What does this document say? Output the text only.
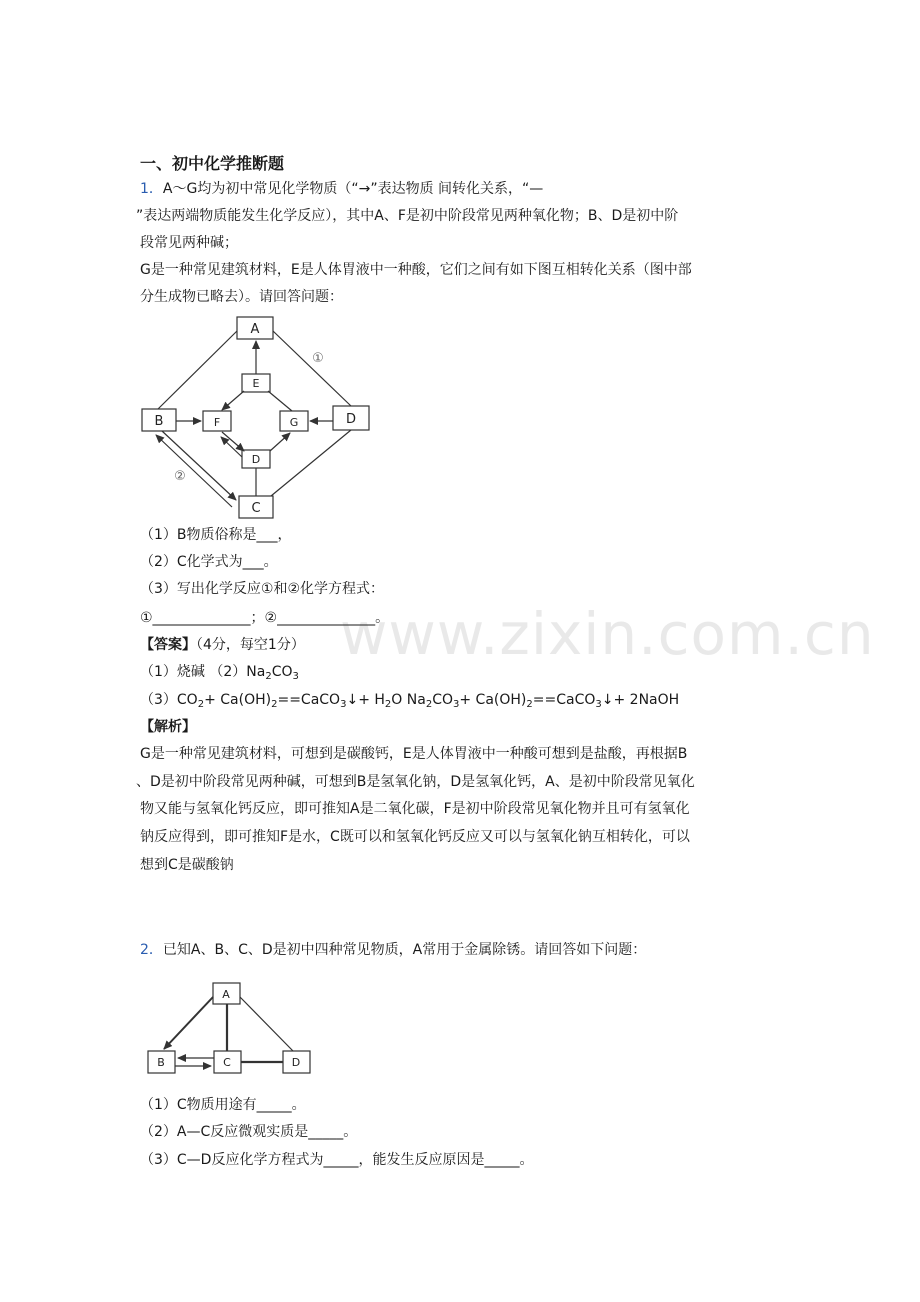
www.zixin.com.cn
一、初中化学推断题
1．A～G均为初中常见化学物质（“→”表达物质 间转化关系，“—
”表达两端物质能发生化学反应），其中A、F是初中阶段常见两种氧化物；B、D是初中阶
段常见两种碱；
G是一种常见建筑材料，E是人体胃液中一种酸，它们之间有如下图互相转化关系（图中部
分生成物已略去）。请回答问题：
A
B
C
D
E
F	G
D
①
②
（1）B物质俗称是___，
（2）C化学式为___。
（3）写出化学反应①和②化学方程式：
①______________；②______________。
【答案】（4分，每空1分）
（1）烧碱 $(2)Na_2CO_3$
$(3)CO_2+$ $Ca(OH)_2==CaCO_3↓+ H_2O$ $Na_2CO_3+$ $Ca(OH)_2==CaCO_3↓+$ 2NaOH
【解析】
G是一种常见建筑材料，可想到是碳酸钙，E是人体胃液中一种酸可想到是盐酸，再根据B
、D是初中阶段常见两种碱，可想到B是氢氧化钠，D是氢氧化钙，A、是初中阶段常见氧化
物又能与氢氧化钙反应，即可推知A是二氧化碳，F是初中阶段常见氧化物并且可有氢氧化
钠反应得到，即可推知F是水，C既可以和氢氧化钙反应又可以与氢氧化钠互相转化，可以
想到C是碳酸钠
2．已知A、B、C、D是初中四种常见物质，A常用于金属除锈。请回答如下问题：
A
B	C	D
（1）C物质用途有_____。
（2）A—C反应微观实质是_____。
（3）C—D反应化学方程式为_____，能发生反应原因是_____。
